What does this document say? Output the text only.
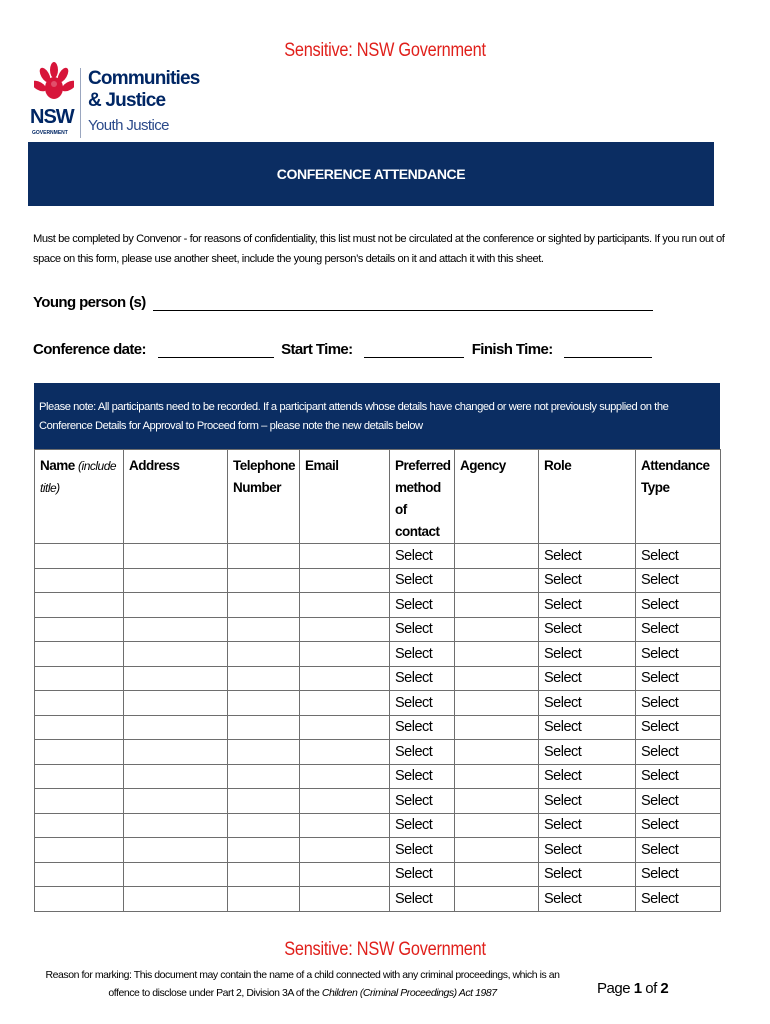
Sensitive: NSW Government
NSW
GOVERNMENT
Communities
& Justice
Youth Justice
CONFERENCE ATTENDANCE
Must be completed by Convenor - for reasons of confidentiality, this list must not be circulated at the conference or sighted by participants. If you run out of space on this form, please use another sheet, include the young person’s details on it and attach it with this sheet.
Young person (s)
Conference date:	Start Time:	Finish Time:
Please note: All participants need to be recorded. If a participant attends whose details have changed or were not previously supplied on the Conference Details for Approval to Proceed form – please note the new details below
Name (include title)	Address	Telephone Number	Email	Preferred method of contact	Agency	Role	Attendance Type
				Select		Select	Select
				Select		Select	Select
				Select		Select	Select
				Select		Select	Select
				Select		Select	Select
				Select		Select	Select
				Select		Select	Select
				Select		Select	Select
				Select		Select	Select
				Select		Select	Select
				Select		Select	Select
				Select		Select	Select
				Select		Select	Select
				Select		Select	Select
				Select		Select	Select
Sensitive: NSW Government
Reason for marking: This document may contain the name of a child connected with any criminal proceedings, which is an offence to disclose under Part 2, Division 3A of the Children (Criminal Proceedings) Act 1987	Page 1 of 2
